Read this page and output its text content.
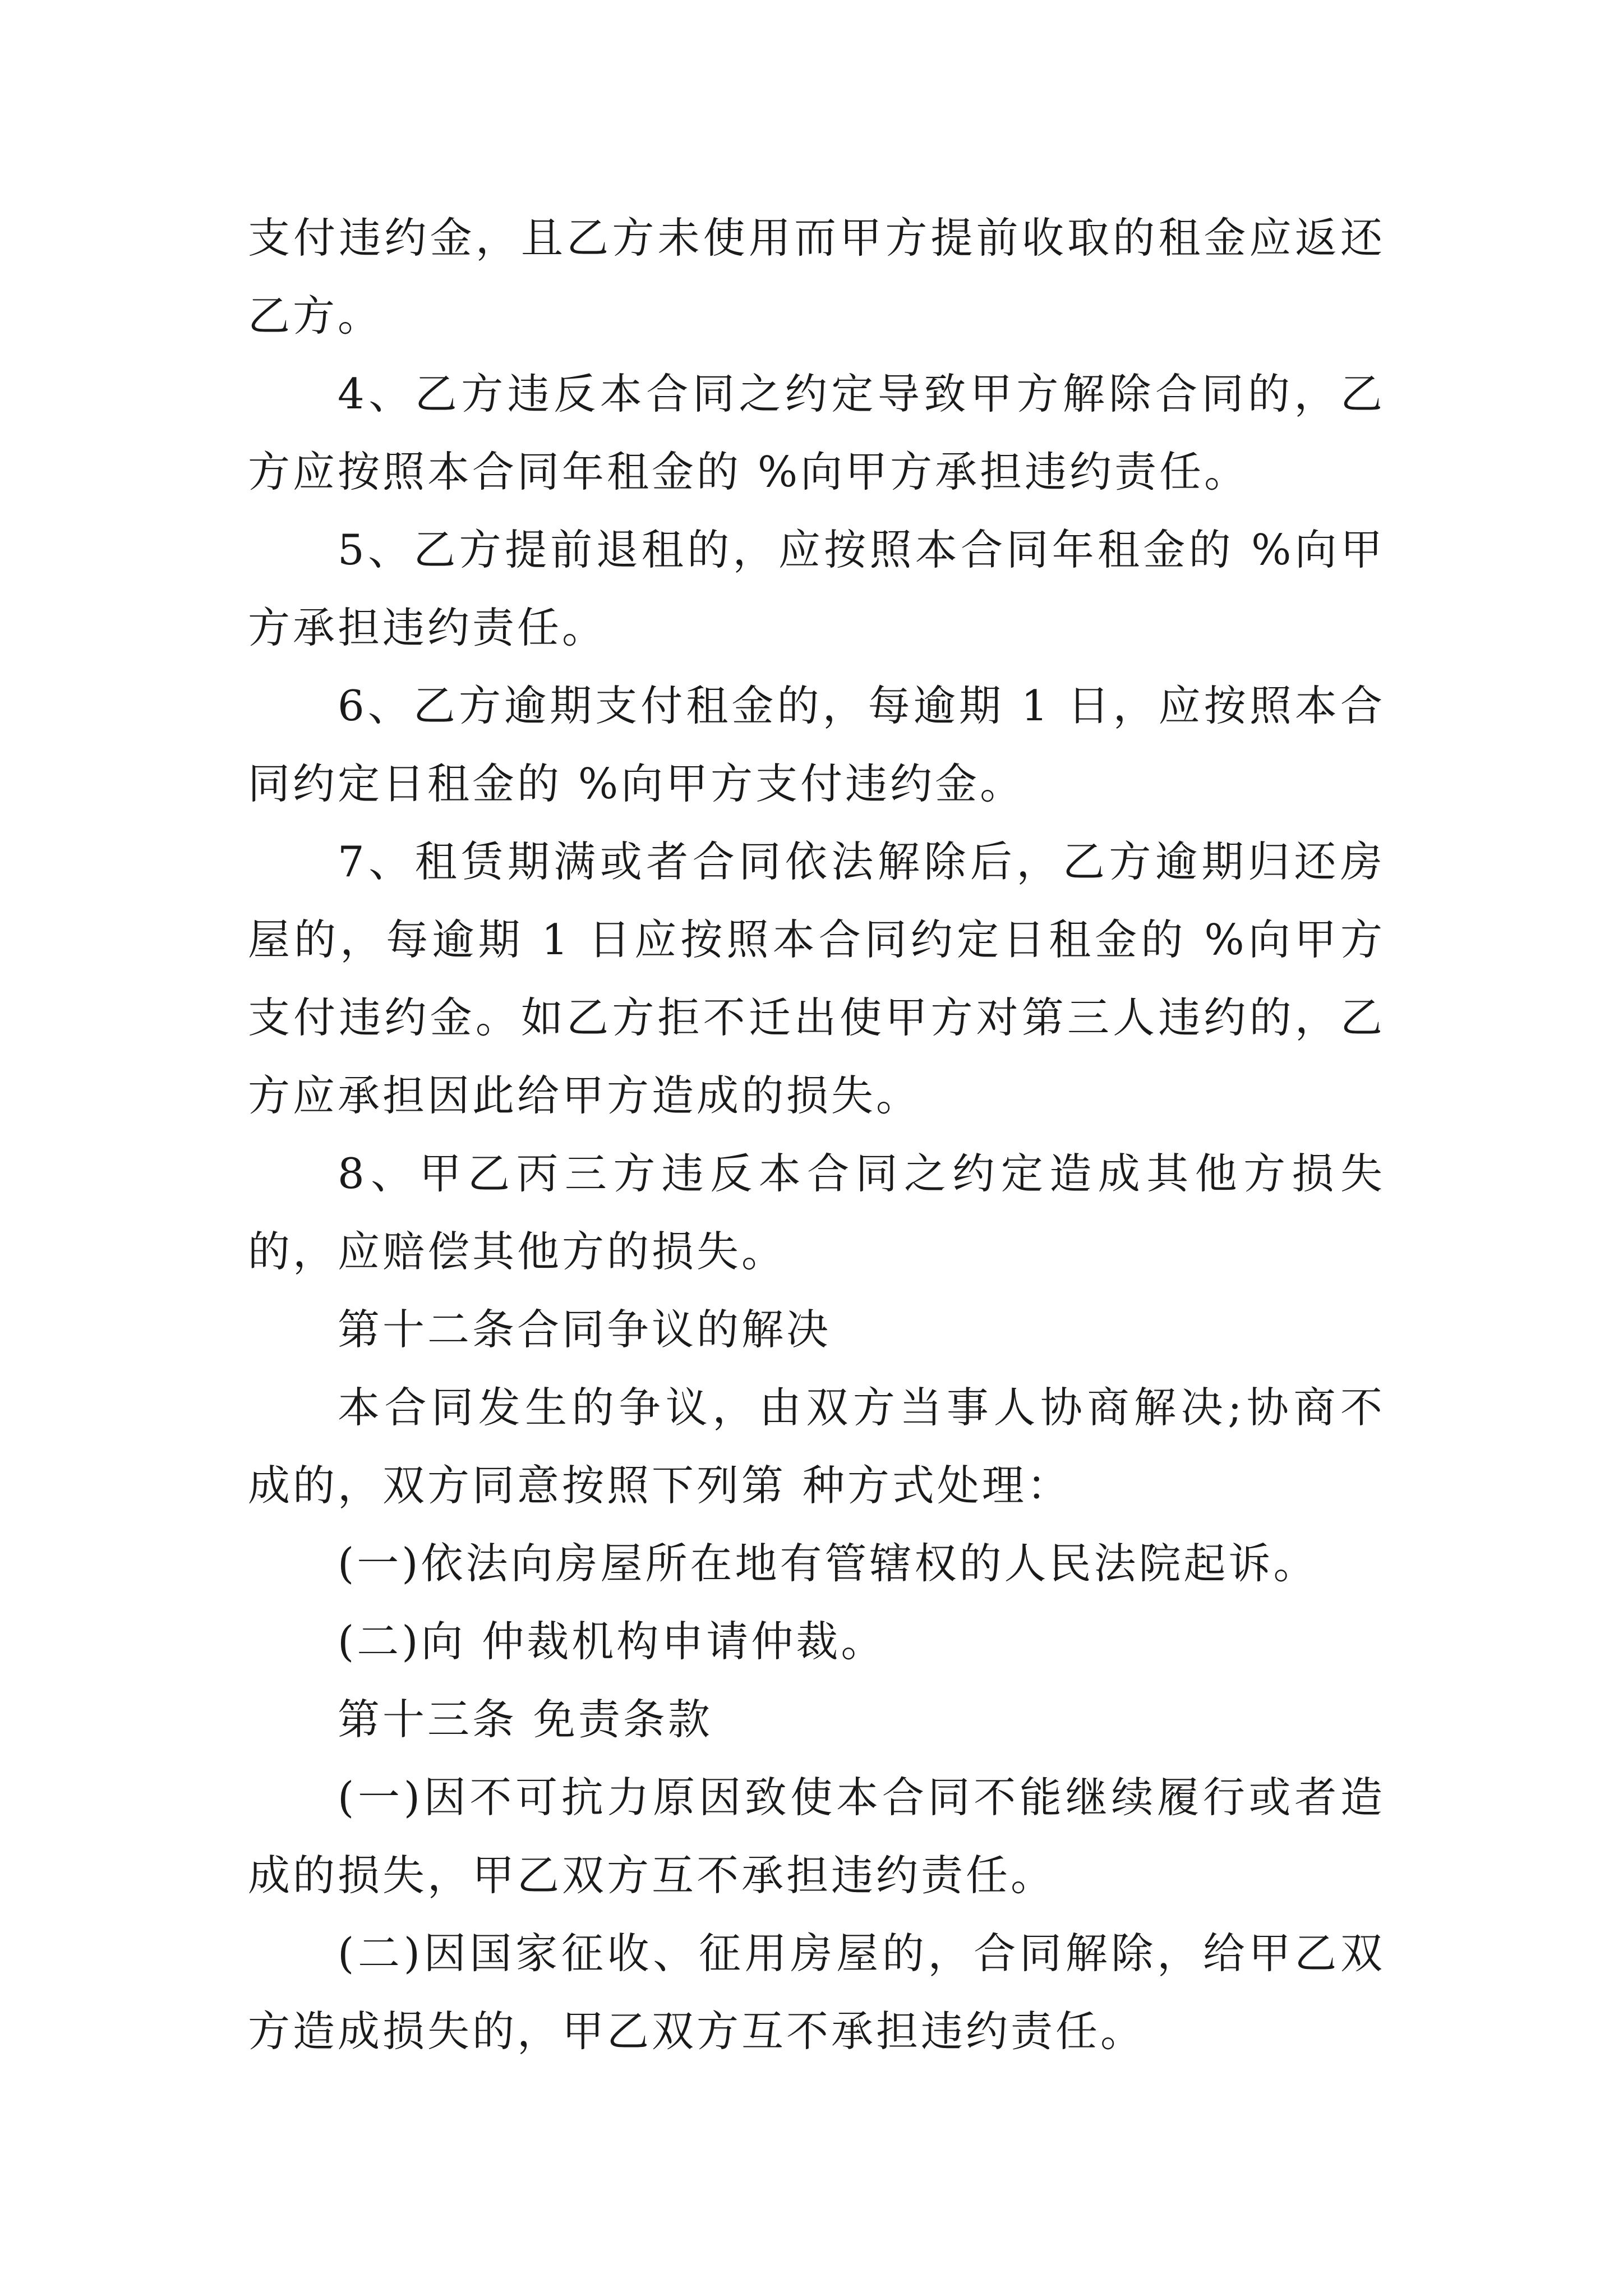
支付违约金，且乙方未使用而甲方提前收取的租金应返还乙方。

4、乙方违反本合同之约定导致甲方解除合同的，乙方应按照本合同年租金的 %向甲方承担违约责任。

5、乙方提前退租的，应按照本合同年租金的 %向甲方承担违约责任。

6、乙方逾期支付租金的，每逾期 1 日，应按照本合同约定日租金的 %向甲方支付违约金。

7、租赁期满或者合同依法解除后，乙方逾期归还房屋的，每逾期 1 日应按照本合同约定日租金的 %向甲方支付违约金。如乙方拒不迁出使甲方对第三人违约的，乙方应承担因此给甲方造成的损失。

8、甲乙丙三方违反本合同之约定造成其他方损失的，应赔偿其他方的损失。

第十二条合同争议的解决

本合同发生的争议，由双方当事人协商解决;协商不成的，双方同意按照下列第 种方式处理：

(一)依法向房屋所在地有管辖权的人民法院起诉。

(二)向 仲裁机构申请仲裁。

第十三条 免责条款

(一)因不可抗力原因致使本合同不能继续履行或者造成的损失，甲乙双方互不承担违约责任。

(二)因国家征收、征用房屋的，合同解除，给甲乙双方造成损失的，甲乙双方互不承担违约责任。
